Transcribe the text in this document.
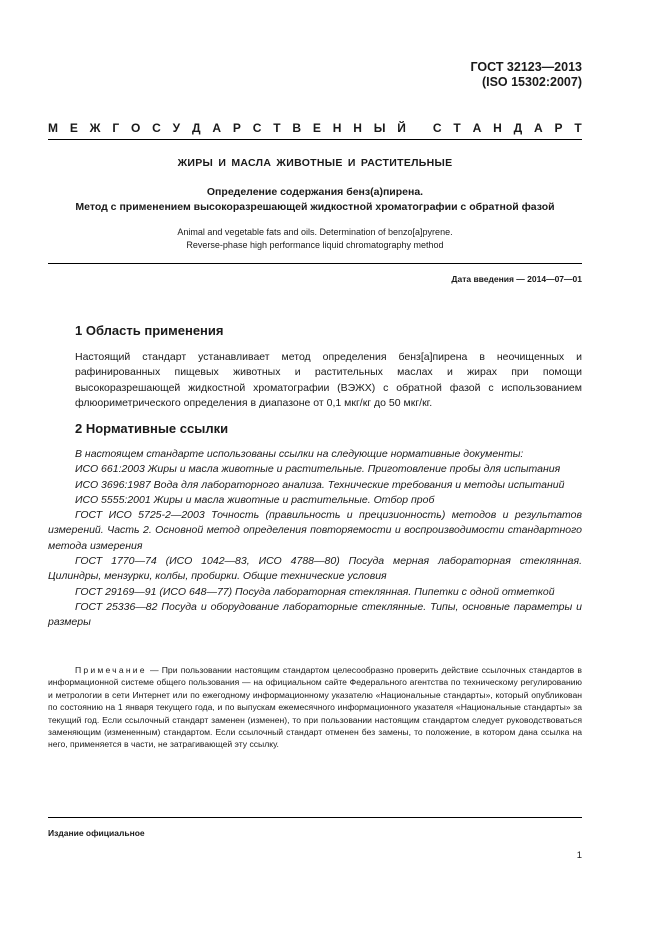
ГОСТ 32123—2013
(ISO 15302:2007)
М Е Ж Г О С У Д А Р С Т В Е Н Н Ы Й
С Т А Н Д А Р Т
ЖИРЫ И МАСЛА ЖИВОТНЫЕ И РАСТИТЕЛЬНЫЕ
Определение содержания бенз(а)пирена.
Метод с применением высокоразрешающей жидкостной хроматографии с обратной фазой
Animal and vegetable fats and oils. Determination of benzo[a]pyrene.
Reverse-phase high performance liquid chromatography method
Дата введения — 2014—07—01
1 Область применения
Настоящий стандарт устанавливает метод определения бенз[а]пирена в неочищенных и рафинированных пищевых животных и растительных маслах и жирах при помощи высокоразрешающей жидкостной хроматографии (ВЭЖХ) с обратной фазой с использованием флюориметрического определения в диапазоне от 0,1 мкг/кг до 50 мкг/кг.
2 Нормативные ссылки

В настоящем стандарте использованы ссылки на следующие нормативные документы:

ИСО 661:2003 Жиры и масла животные и растительные. Приготовление пробы для испытания

ИСО 3696:1987 Вода для лабораторного анализа. Технические требования и методы испытаний

ИСО 5555:2001 Жиры и масла животные и растительные. Отбор проб

ГОСТ ИСО 5725-2—2003 Точность (правильность и прецизионность) методов и результатов измерений. Часть 2. Основной метод определения повторяемости и воспроизводимости стандартного метода измерения

ГОСТ 1770—74 (ИСО 1042—83, ИСО 4788—80) Посуда мерная лабораторная стеклянная. Цилиндры, мензурки, колбы, пробирки. Общие технические условия

ГОСТ 29169—91 (ИСО 648—77) Посуда лабораторная стеклянная. Пипетки с одной отметкой

ГОСТ 25336—82 Посуда и оборудование лабораторные стеклянные. Типы, основные параметры и размеры

Примечание — При пользовании настоящим стандартом целесообразно проверить действие ссылочных стандартов в информационной системе общего пользования — на официальном сайте Федерального агентства по техническому регулированию и метрологии в сети Интернет или по ежегодному информационному указателю «Национальные стандарты», который опубликован по состоянию на 1 января текущего года, и по выпускам ежемесячного информационного указателя «Национальные стандарты» за текущий год. Если ссылочный стандарт заменен (изменен), то при пользовании настоящим стандартом следует руководствоваться заменяющим (измененным) стандартом. Если ссылочный стандарт отменен без замены, то положение, в котором дана ссылка на него, применяется в части, не затрагивающей эту ссылку.

Издание официальное
1
